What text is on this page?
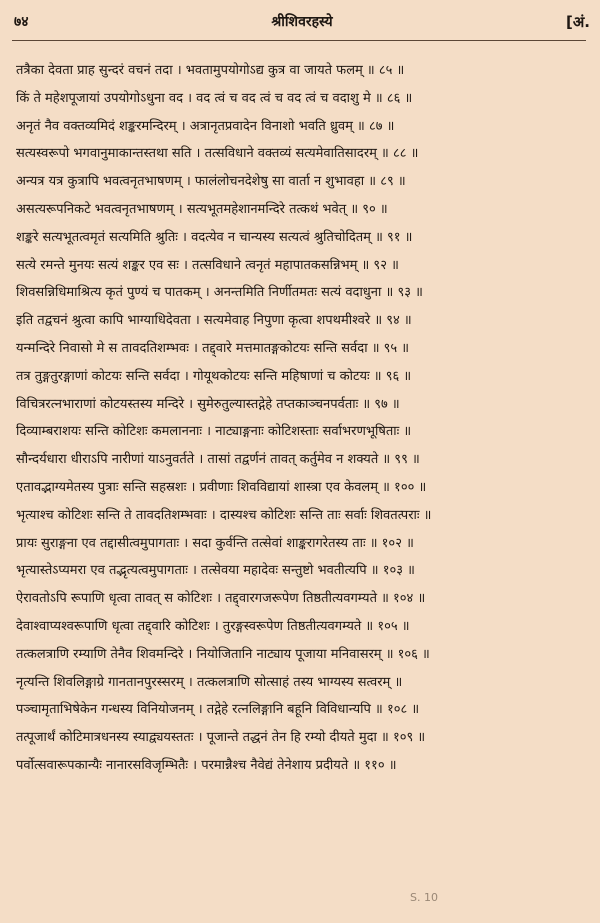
७४	श्रीशिवरहस्ये	[अं.
तत्रैका देवता प्राह सुन्दरं वचनं तदा । भवतामुपयोगोऽद्य कुत्र वा जायते फलम् ॥ ८५ ॥
किं ते महेशपूजायां उपयोगोऽधुना वद । वद त्वं च वद त्वं च वद त्वं च वदाशु मे ॥ ८६ ॥
अनृतं नैव वक्तव्यमिदं शङ्करमन्दिरम् । अत्रानृतप्रवादेन विनाशो भवति ध्रुवम् ॥ ८७ ॥
सत्यस्वरूपो भगवानुमाकान्तस्तथा सति । तत्सविधाने वक्तव्यं सत्यमेवातिसादरम् ॥ ८८ ॥
अन्यत्र यत्र कुत्रापि भवत्वनृतभाषणम् । फालंलोचनदेशेषु सा वार्ता न शुभावहा ॥ ८९ ॥
असत्यरूपनिकटे भवत्वनृतभाषणम् । सत्यभूतमहेशानमन्दिरे तत्कथं भवेत् ॥ ९० ॥
शङ्करे सत्यभूतत्वमृतं सत्यमिति श्रुतिः । वदत्येव न चान्यस्य सत्यत्वं श्रुतिचोदितम् ॥ ९१ ॥
सत्ये रमन्ते मुनयः सत्यं शङ्कर एव सः । तत्सविधाने त्वनृतं महापातकसन्निभम् ॥ ९२ ॥
शिवसन्निधिमाश्रित्य कृतं पुण्यं च पातकम् । अनन्तमिति निर्णीतमतः सत्यं वदाधुना ॥ ९३ ॥
इति तद्वचनं श्रुत्वा कापि भाग्याधिदेवता । सत्यमेवाह निपुणा कृत्वा शपथमीश्वरे ॥ ९४ ॥
यन्मन्दिरे निवासो मे स तावदतिशम्भवः । तद्द्वारे मत्तमातङ्गकोटयः सन्ति सर्वदा ॥ ९५ ॥
तत्र तुङ्गतुरङ्गाणां कोटयः सन्ति सर्वदा । गोयूथकोटयः सन्ति महिषाणां च कोटयः ॥ ९६ ॥
विचित्ररत्नभाराणां कोटयस्तस्य मन्दिरे । सुमेरुतुल्यास्तद्गेहे तप्तकाञ्चनपर्वताः ॥ ९७ ॥
दिव्याम्बराशयः सन्ति कोटिशः कमलाननाः । नाट्याङ्गनाः कोटिशस्ताः सर्वाभरणभूषिताः ॥
सौन्दर्यधारा धीराऽपि नारीणां याऽनुवर्तते । तासां तद्वर्णनं तावत् कर्तुमेव न शक्यते ॥ ९९ ॥
एतावद्भाग्यमेतस्य पुत्राः सन्ति सहस्रशः । प्रवीणाः शिवविद्यायां शास्त्रा एव केवलम् ॥ १०० ॥
भृत्याश्च कोटिशः सन्ति ते तावदतिशम्भवाः । दास्यश्च कोटिशः सन्ति ताः सर्वाः शिवतत्पराः ॥
प्रायः सुराङ्गना एव तद्दासीत्वमुपागताः । सदा कुर्वन्ति तत्सेवां शाङ्करागरेतस्य ताः ॥ १०२ ॥
भृत्यास्तेऽप्यमरा एव तद्भृत्यत्वमुपागताः । तत्सेवया महादेवः सन्तुष्टो भवतीत्यपि ॥ १०३ ॥
ऐरावतोऽपि रूपाणि धृत्वा तावत् स कोटिशः । तद्द्वारगजरूपेण तिष्ठतीत्यवगम्यते ॥ १०४ ॥
देवाश्वाप्यश्वरूपाणि धृत्वा तद्द्वारि कोटिशः । तुरङ्गस्वरूपेण तिष्ठतीत्यवगम्यते ॥ १०५ ॥
तत्कलत्राणि रम्याणि तेनैव शिवमन्दिरे । नियोजितानि नाट्याय पूजाया मनिवासरम् ॥ १०६ ॥
नृत्यन्ति शिवलिङ्गाग्रे गानतानपुरस्सरम् । तत्कलत्राणि सोत्साहं तस्य भाग्यस्य सत्वरम् ॥
पञ्चामृताभिषेकेन गन्धस्य विनियोजनम् । तद्गेहे रत्नलिङ्गानि बहूनि विविधान्यपि ॥ १०८ ॥
तत्पूजार्थं कोटिमात्रधनस्य स्याद्व्ययस्ततः । पूजान्ते तद्धनं तेन हि रम्यो दीयते मुदा ॥ १०९ ॥
पर्वोत्सवारूपकान्यैः नानारसविजृम्भितैः । परमान्नैश्च नैवेद्यं तेनेशाय प्रदीयते ॥ ११० ॥
S. 10
